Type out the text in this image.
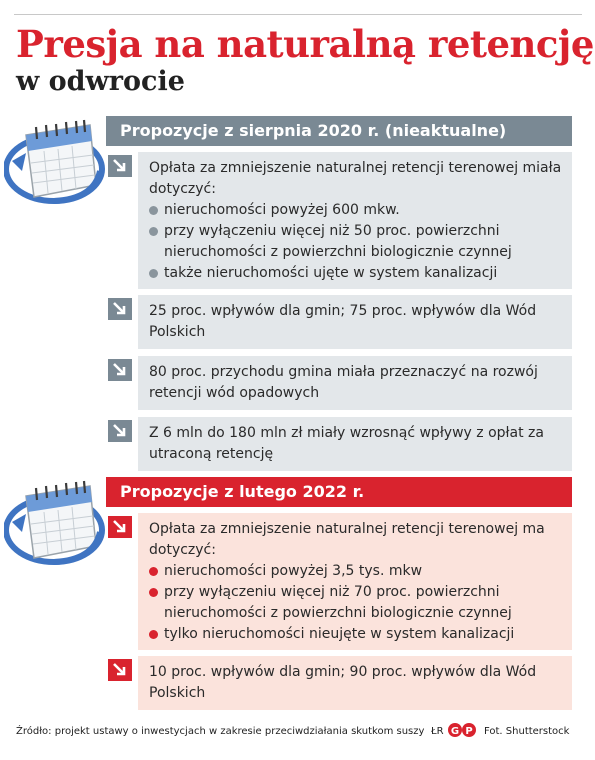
Presja na naturalną retencję
w odwrocie
Propozycje z sierpnia 2020 r. (nieaktualne)
Opłata za zmniejszenie naturalnej retencji terenowej miała dotyczyć:
nieruchomości powyżej 600 mkw.
przy wyłączeniu więcej niż 50 proc. powierzchni nieruchomości z powierzchni biologicznie czynnej
także nieruchomości ujęte w system kanalizacji
25 proc. wpływów dla gmin; 75 proc. wpływów dla Wód Polskich
80 proc. przychodu gmina miała przeznaczyć na rozwój retencji wód opadowych
Z 6 mln do 180 mln zł miały wzrosnąć wpływy z opłat za utraconą retencję
Propozycje z lutego 2022 r.
Opłata za zmniejszenie naturalnej retencji terenowej ma dotyczyć:
nieruchomości powyżej 3,5 tys. mkw
przy wyłączeniu więcej niż 70 proc. powierzchni nieruchomości z powierzchni biologicznie czynnej
tylko nieruchomości nieujęte w system kanalizacji
10 proc. wpływów dla gmin; 90 proc. wpływów dla Wód Polskich
Źródło: projekt ustawy o inwestycjach w zakresie przeciwdziałania skutkom suszy ŁR G P Fot. Shutterstock
